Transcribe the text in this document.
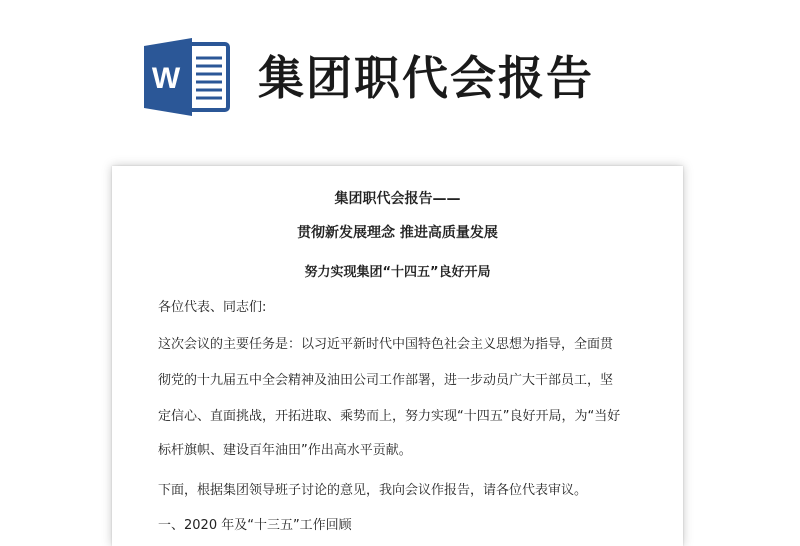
W 集团职代会报告
集团职代会报告——
贯彻新发展理念 推进高质量发展
努力实现集团“十四五”良好开局
各位代表、同志们:
这次会议的主要任务是：以习近平新时代中国特色社会主义思想为指导，全面贯
彻党的十九届五中全会精神及油田公司工作部署，进一步动员广大干部员工，坚
定信心、直面挑战，开拓进取、乘势而上，努力实现“十四五”良好开局，为“当好
标杆旗帜、建设百年油田”作出高水平贡献。
下面，根据集团领导班子讨论的意见，我向会议作报告，请各位代表审议。
一、2020 年及“十三五”工作回顾
